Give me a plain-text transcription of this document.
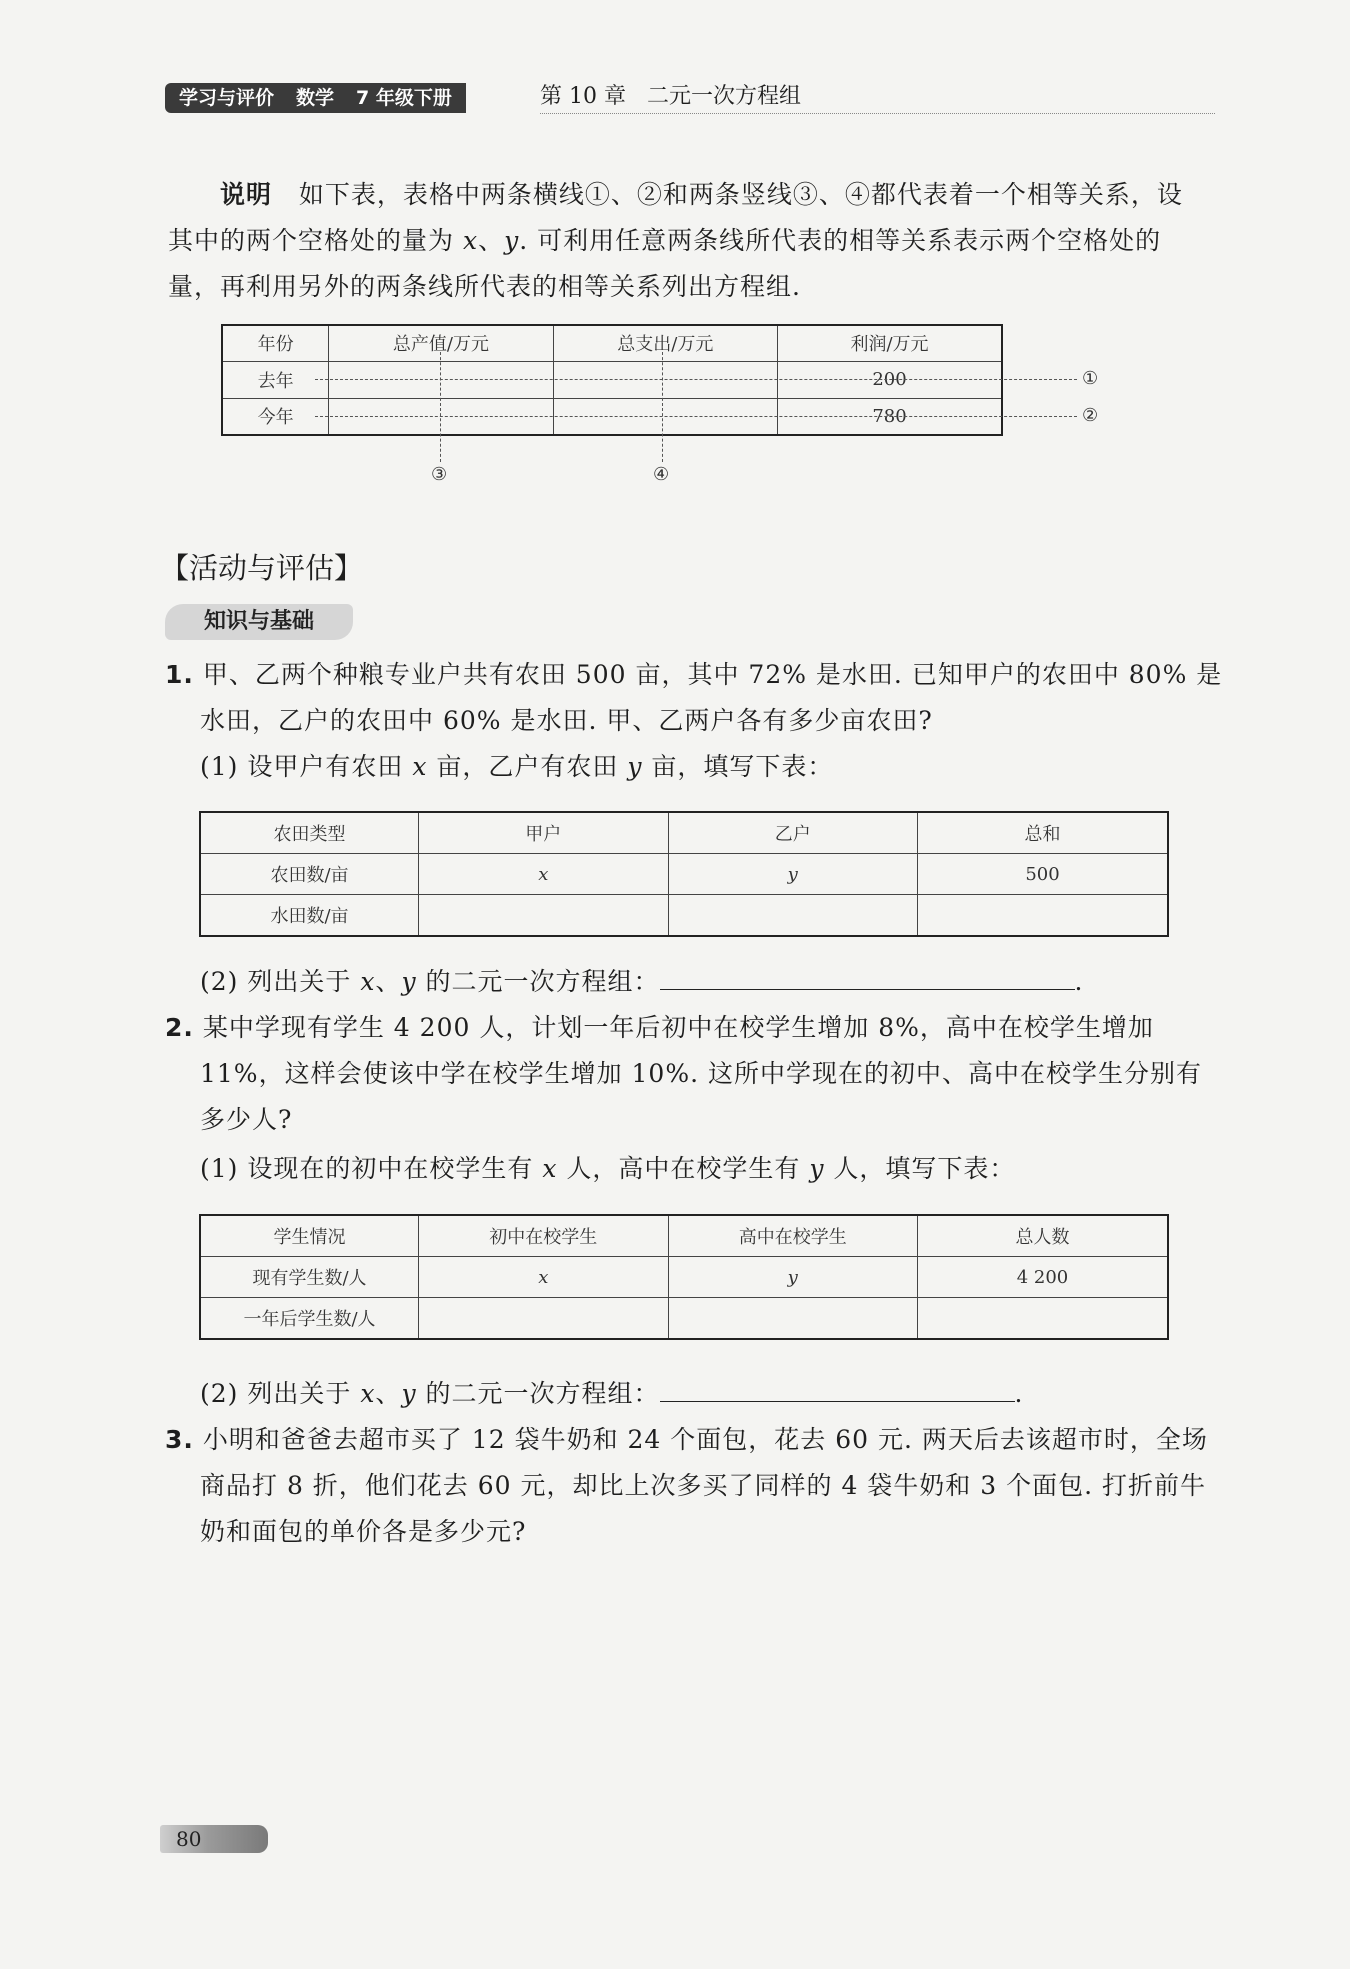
学习与评价 数学 7 年级下册	第 10 章 二元一次方程组
说明 如下表，表格中两条横线①、②和两条竖线③、④都代表着一个相等关系，设
其中的两个空格处的量为 x、y. 可利用任意两条线所代表的相等关系表示两个空格处的
量，再利用另外的两条线所代表的相等关系列出方程组.
年份	总产值/万元	总支出/万元	利润/万元
去年			200
今年			780
①
②
③	④
【活动与评估】
知识与基础
1. 甲、乙两个种粮专业户共有农田 500 亩，其中 72% 是水田. 已知甲户的农田中 80% 是
水田，乙户的农田中 60% 是水田. 甲、乙两户各有多少亩农田?
(1) 设甲户有农田 x 亩，乙户有农田 y 亩，填写下表：
农田类型	甲户	乙户	总和
农田数/亩	x	y	500
水田数/亩			
(2) 列出关于 x、y 的二元一次方程组：	.
2. 某中学现有学生 4 200 人，计划一年后初中在校学生增加 8%，高中在校学生增加
11%，这样会使该中学在校学生增加 10%. 这所中学现在的初中、高中在校学生分别有
多少人?
(1) 设现在的初中在校学生有 x 人，高中在校学生有 y 人，填写下表：
学生情况	初中在校学生	高中在校学生	总人数
现有学生数/人	x	y	4 200
一年后学生数/人			
(2) 列出关于 x、y 的二元一次方程组：	.
3. 小明和爸爸去超市买了 12 袋牛奶和 24 个面包，花去 60 元. 两天后去该超市时，全场
商品打 8 折，他们花去 60 元，却比上次多买了同样的 4 袋牛奶和 3 个面包. 打折前牛
奶和面包的单价各是多少元?
80
